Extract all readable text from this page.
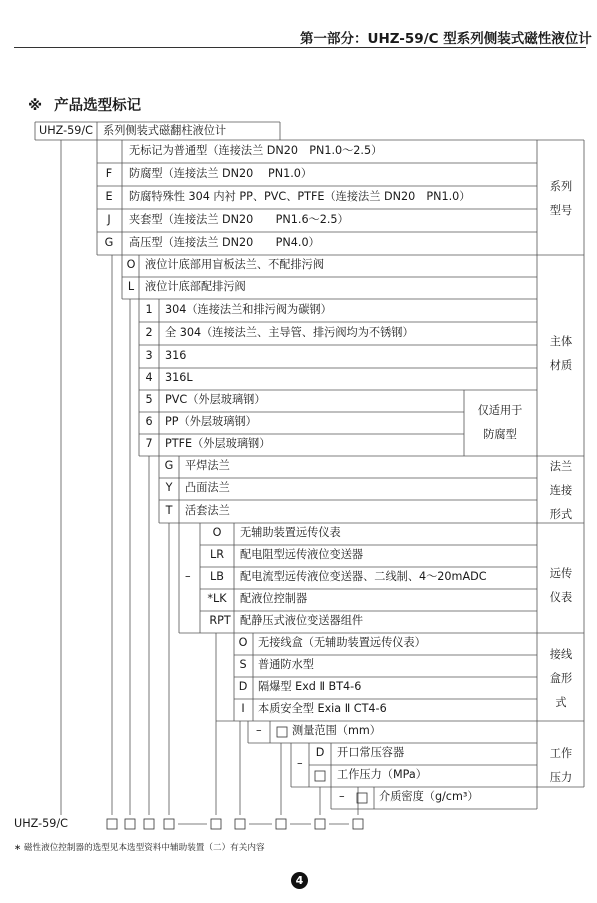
第一部分：UHZ-59/C 型系列侧装式磁性液位计
※ 产品选型标记
UHZ-59/C 系列侧装式磁翻柱液位计
无标记为普通型（连接法兰 DN20　PN1.0～2.5）
F	防腐型（连接法兰 DN20　 PN1.0）
E	防腐特殊性 304 内衬 PP、PVC、PTFE（连接法兰 DN20　PN1.0）
J	夹套型（连接法兰 DN20　　PN1.6～2.5）
G	高压型（连接法兰 DN20　　PN4.0）
系列
型号
O 液位计底部用盲板法兰、不配排污阀
L 液位计底部配排污阀
1	304（连接法兰和排污阀为碳钢）
2	全 304（连接法兰、主导管、排污阀均为不锈钢）
3	316
4	316L
5	PVC（外层玻璃钢）
6	PP（外层玻璃钢）
7	PTFE（外层玻璃钢）
仅适用于
防腐型
主体
材质
G	平焊法兰
Y	凸面法兰
T	活套法兰
法兰
连接
形式
–
O	无辅助装置远传仪表
LR	配电阻型远传液位变送器
LB	配电流型远传液位变送器、二线制、4～20mADC
*LK	配液位控制器
RPT 配静压式液位变送器组件
远传
仪表
O 无接线盒（无辅助装置远传仪表）
S	普通防水型
D 隔爆型 Exd Ⅱ BT4-6
I	本质安全型 Exia Ⅱ CT4-6
接线
盒形
式
–	测量范围（mm）
–
D	开口常压容器
工作压力（MPa）
工作
压力
–	介质密度（g/cm³）
UHZ-59/C
∗ 磁性液位控制器的选型见本选型资料中辅助装置（二）有关内容
4
